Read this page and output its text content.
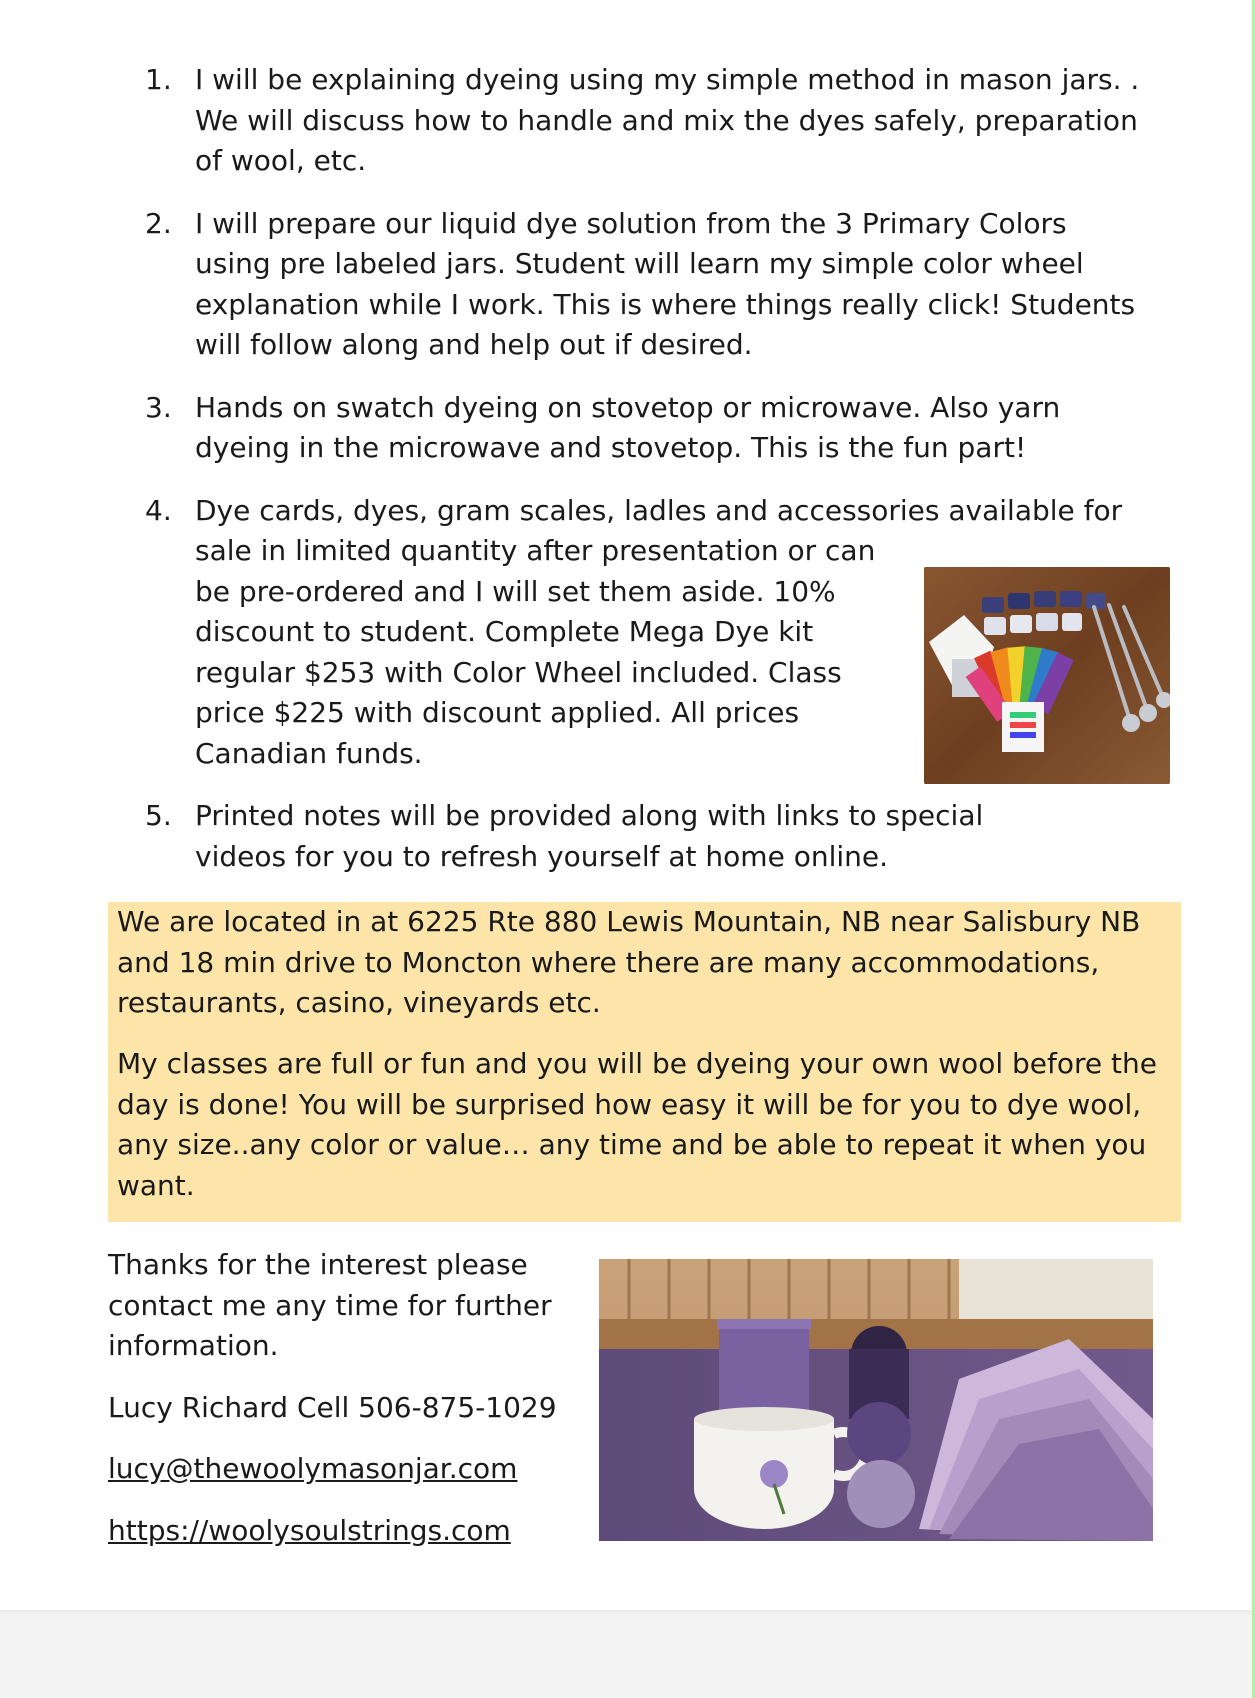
1. I will be explaining dyeing using my simple method in mason jars. . We will discuss how to handle and mix the dyes safely, preparation of wool, etc.
2. I will prepare our liquid dye solution from the 3 Primary Colors using pre labeled jars. Student will learn my simple color wheel explanation while I work. This is where things really click! Students will follow along and help out if desired.
3. Hands on swatch dyeing on stovetop or microwave. Also yarn dyeing in the microwave and stovetop. This is the fun part!
4. Dye cards, dyes, gram scales, ladles and accessories available for
sale in limited quantity after presentation or can be pre-ordered and I will set them aside. 10% discount to student. Complete Mega Dye kit regular $253 with Color Wheel included. Class price $225 with discount applied. All prices Canadian funds.
5. Printed notes will be provided along with links to special videos for you to refresh yourself at home online.

We are located in at 6225 Rte 880 Lewis Mountain, NB near Salisbury NB and 18 min drive to Moncton where there are many accommodations, restaurants, casino, vineyards etc.

My classes are full or fun and you will be dyeing your own wool before the day is done! You will be surprised how easy it will be for you to dye wool, any size..any color or value… any time and be able to repeat it when you want.

Thanks for the interest please contact me any time for further information.

Lucy Richard Cell 506-875-1029

lucy@thewoolymasonjar.com

https://woolysoulstrings.com
